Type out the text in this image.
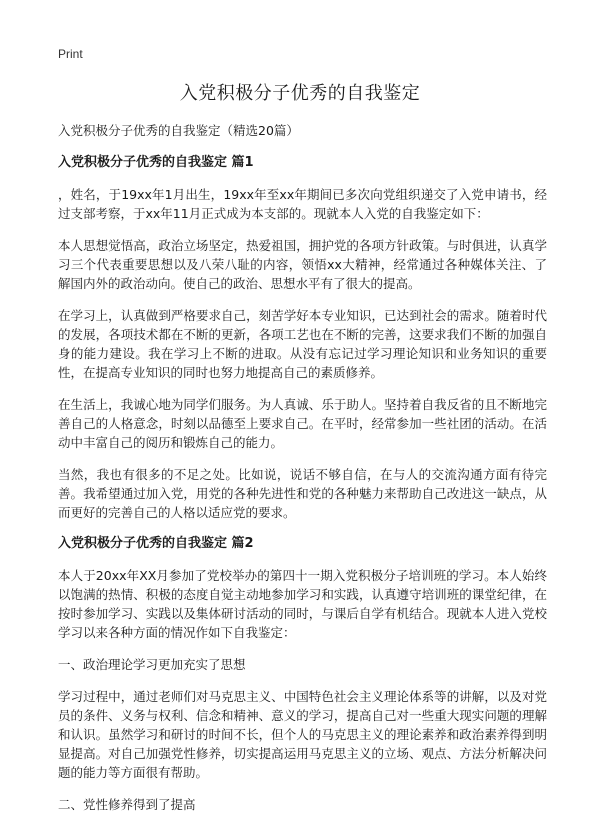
Print
入党积极分子优秀的自我鉴定

入党积极分子优秀的自我鉴定（精选20篇）

入党积极分子优秀的自我鉴定 篇1

，姓名，于19xx年1月出生，19xx年至xx年期间已多次向党组织递交了入党申请书，经过支部考察，于xx年11月正式成为本支部的。现就本人入党的自我鉴定如下：

本人思想觉悟高，政治立场坚定，热爱祖国，拥护党的各项方针政策。与时俱进，认真学习三个代表重要思想以及八荣八耻的内容，领悟xx大精神，经常通过各种媒体关注、了解国内外的政治动向。使自己的政治、思想水平有了很大的提高。

在学习上，认真做到严格要求自己，刻苦学好本专业知识，已达到社会的需求。随着时代的发展，各项技术都在不断的更新，各项工艺也在不断的完善，这要求我们不断的加强自身的能力建设。我在学习上不断的进取。从没有忘记过学习理论知识和业务知识的重要性，在提高专业知识的同时也努力地提高自己的素质修养。

在生活上，我诚心地为同学们服务。为人真诚、乐于助人。坚持着自我反省的且不断地完善自己的人格意念，时刻以品德至上要求自己。在平时，经常参加一些社团的活动。在活动中丰富自己的阅历和锻炼自己的能力。

当然，我也有很多的不足之处。比如说，说话不够自信，在与人的交流沟通方面有待完善。我希望通过加入党，用党的各种先进性和党的各种魅力来帮助自己改进这一缺点，从而更好的完善自己的人格以适应党的要求。

入党积极分子优秀的自我鉴定 篇2

本人于20xx年XX月参加了党校举办的第四十一期入党积极分子培训班的学习。本人始终以饱满的热情、积极的态度自觉主动地参加学习和实践，认真遵守培训班的课堂纪律，在按时参加学习、实践以及集体研讨活动的同时，与课后自学有机结合。现就本人进入党校学习以来各种方面的情况作如下自我鉴定：

一、政治理论学习更加充实了思想

学习过程中，通过老师们对马克思主义、中国特色社会主义理论体系等的讲解，以及对党员的条件、义务与权利、信念和精神、意义的学习，提高自己对一些重大现实问题的理解和认识。虽然学习和研讨的时间不长，但个人的马克思主义的理论素养和政治素养得到明显提高。对自己加强党性修养，切实提高运用马克思主义的立场、观点、方法分析解决问题的能力等方面很有帮助。

二、党性修养得到了提高
